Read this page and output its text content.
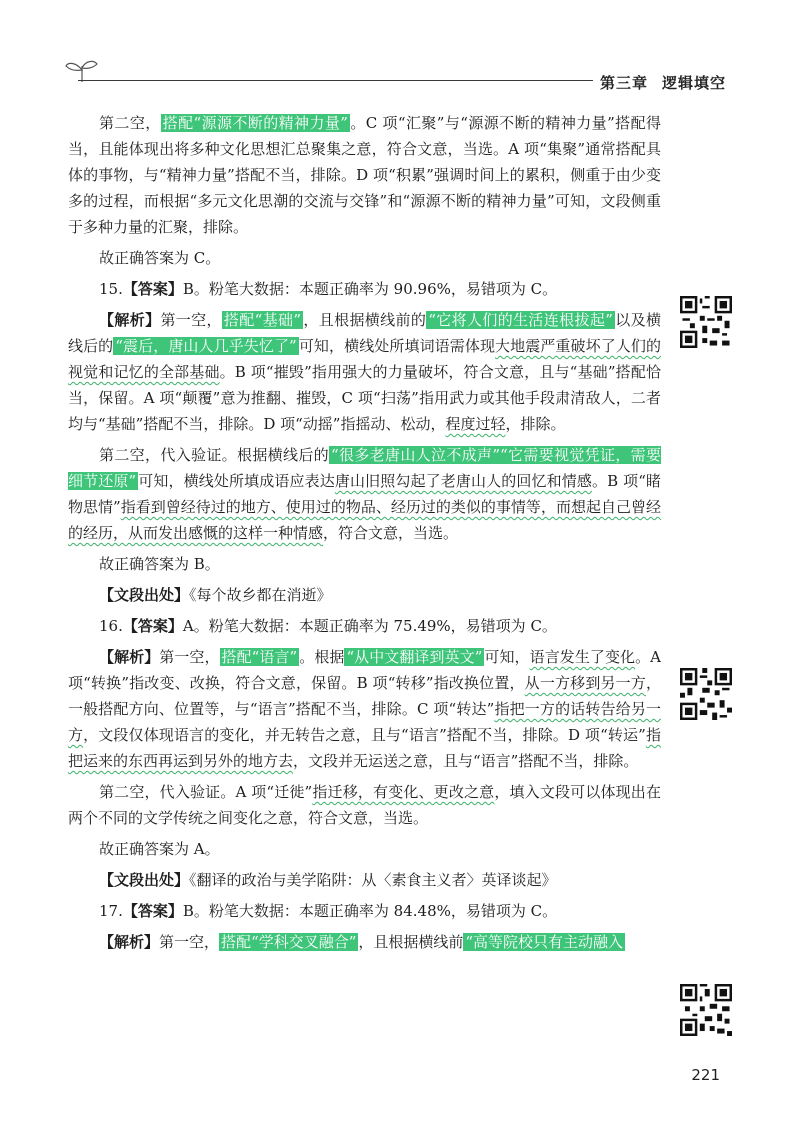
第三章 逻辑填空

第二空， 搭配“源源不断的精神力量” 。C 项“汇聚”与“源源不断的精神力量”搭配得当，且能体现出将多种文化思想汇总聚集之意，符合文意，当选。A 项“集聚”通常搭配具体的事物，与“精神力量”搭配不当，排除。D 项“积累”强调时间上的累积，侧重于由少变多的过程，而根据“多元文化思潮的交流与交锋”和“源源不断的精神力量”可知，文段侧重于多种力量的汇聚，排除。

故正确答案为 C。

15.【答案】B。粉笔大数据：本题正确率为 90.96%，易错项为 C。

【解析】第一空， 搭配“基础” ，且根据横线前的 “它将人们的生活连根拔起” 以及横线后的 “震后，唐山人几乎失忆了” 可知，横线处所填词语需体现大地震严重破坏了人们的视觉和记忆的全部基础。B 项“摧毁”指用强大的力量破坏，符合文意，且与“基础”搭配恰当，保留。A 项“颠覆”意为推翻、摧毁，C 项“扫荡”指用武力或其他手段肃清敌人，二者均与“基础”搭配不当，排除。D 项“动摇”指摇动、松动，程度过轻，排除。

第二空，代入验证。根据横线后的 “很多老唐山人泣不成声”“它需要视觉凭证，需要细节还原” 可知，横线处所填成语应表达唐山旧照勾起了老唐山人的回忆和情感。B 项“睹物思情”指看到曾经待过的地方、使用过的物品、经历过的类似的事情等，而想起自己曾经的经历，从而发出感慨的这样一种情感，符合文意，当选。

故正确答案为 B。

【文段出处】《每个故乡都在消逝》

16.【答案】A。粉笔大数据：本题正确率为 75.49%，易错项为 C。

【解析】第一空， 搭配“语言” 。根据 “从中文翻译到英文” 可知，语言发生了变化。A 项“转换”指改变、改换，符合文意，保留。B 项“转移”指改换位置，从一方移到另一方，一般搭配方向、位置等，与“语言”搭配不当，排除。C 项“转达”指把一方的话转告给另一方，文段仅体现语言的变化，并无转告之意，且与“语言”搭配不当，排除。D 项“转运”指把运来的东西再运到另外的地方去，文段并无运送之意，且与“语言”搭配不当，排除。

第二空，代入验证。A 项“迁徙”指迁移，有变化、更改之意，填入文段可以体现出在两个不同的文学传统之间变化之意，符合文意，当选。

故正确答案为 A。

【文段出处】《翻译的政治与美学陷阱：从〈素食主义者〉英译谈起》

17.【答案】B。粉笔大数据：本题正确率为 84.48%，易错项为 C。

【解析】第一空， 搭配“学科交叉融合” ，且根据横线前 “高等院校只有主动融入

221
